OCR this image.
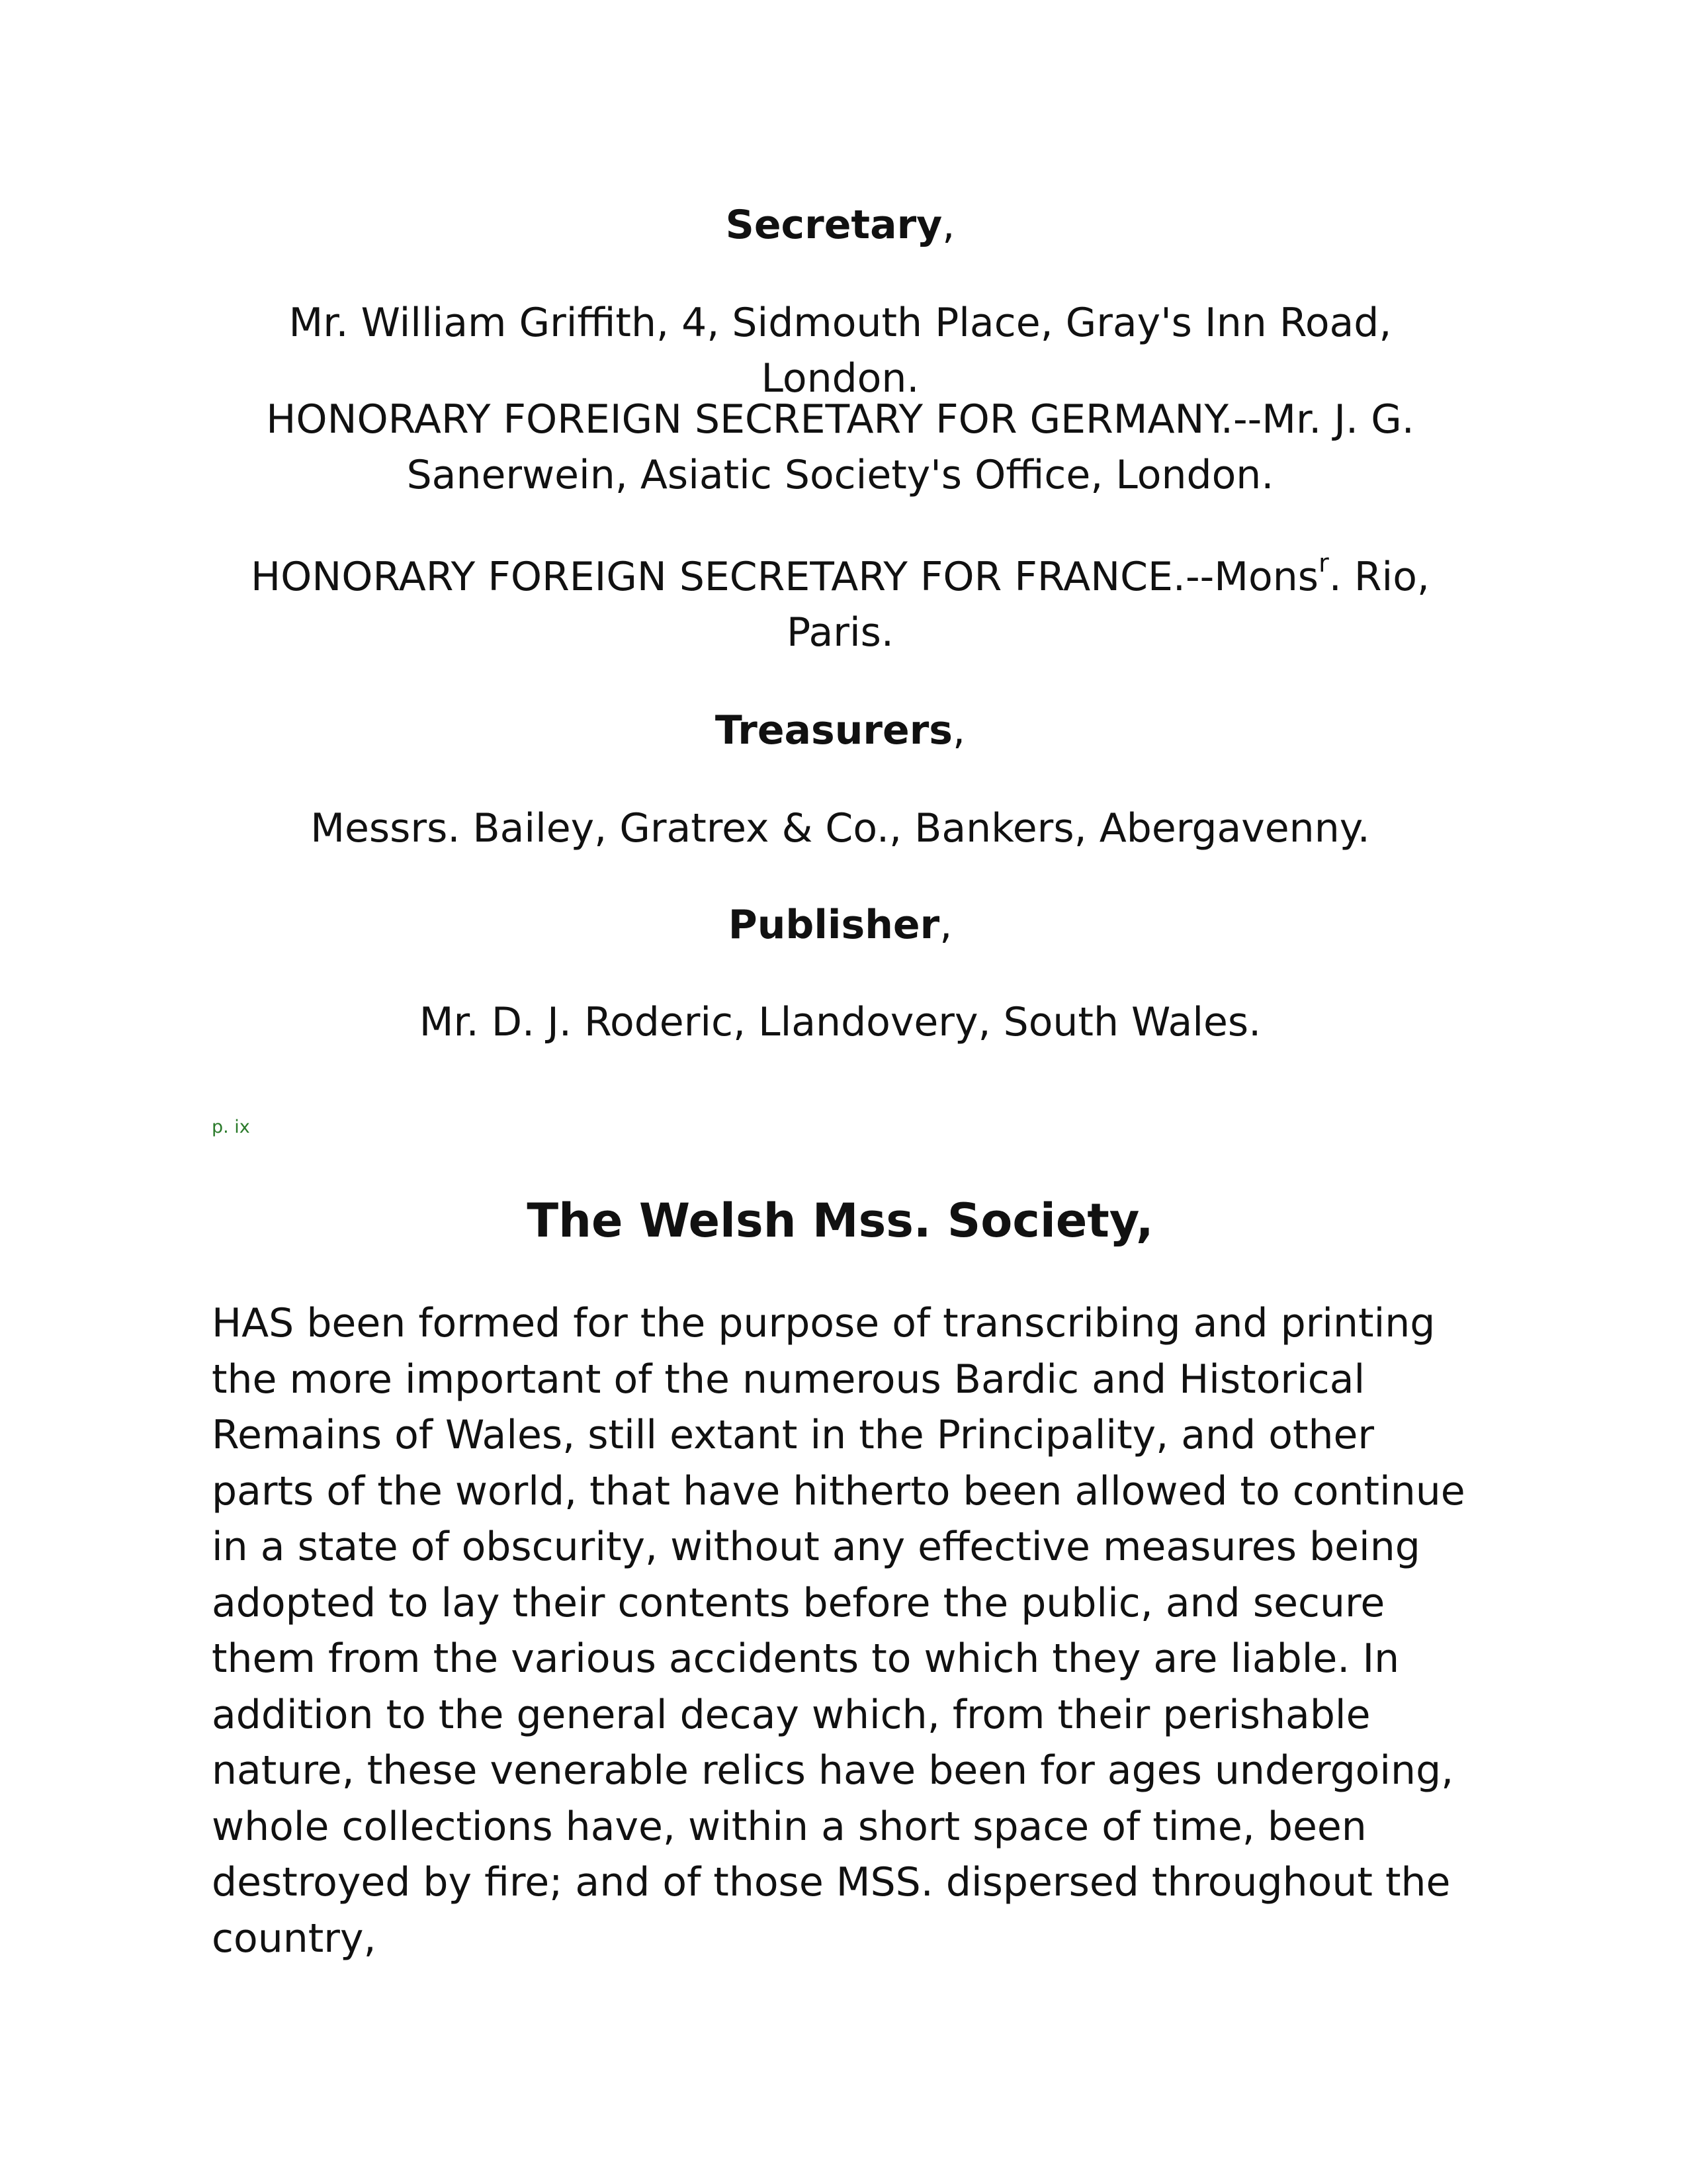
Secretary,

Mr. William Griffith, 4, Sidmouth Place, Gray's Inn Road, London.

HONORARY FOREIGN SECRETARY FOR GERMANY.--Mr. J. G. Sanerwein, Asiatic Society's Office, London.

HONORARY FOREIGN SECRETARY FOR FRANCE.--Mons$^r$. Rio, Paris.

Treasurers,

Messrs. Bailey, Gratrex & Co., Bankers, Abergavenny.

Publisher,

Mr. D. J. Roderic, Llandovery, South Wales.

p. ix

The Welsh Mss. Society,

HAS been formed for the purpose of transcribing and printing the more important of the numerous Bardic and Historical Remains of Wales, still extant in the Principality, and other parts of the world, that have hitherto been allowed to continue in a state of obscurity, without any effective measures being adopted to lay their contents before the public, and secure them from the various accidents to which they are liable. In addition to the general decay which, from their perishable nature, these venerable relics have been for ages undergoing, whole collections have, within a short space of time, been destroyed by fire; and of those MSS. dispersed throughout the country,
